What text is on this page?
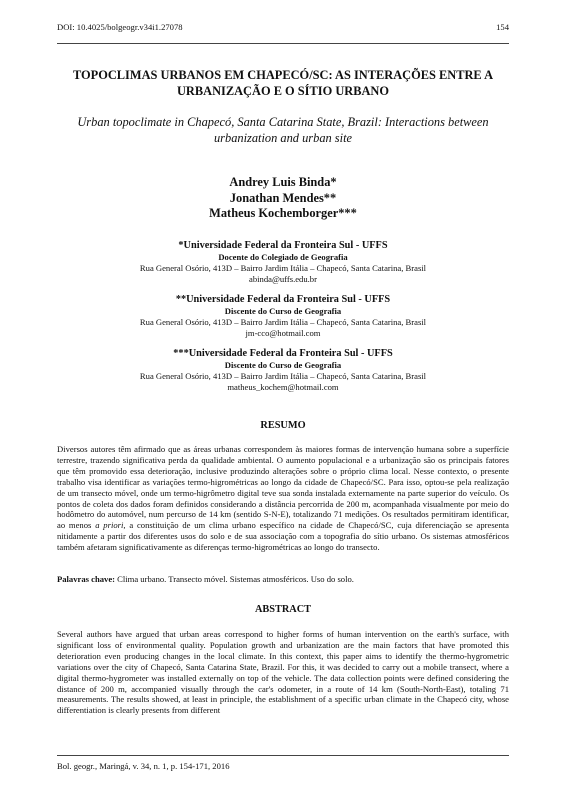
DOI: 10.4025/bolgeogr.v34i1.27078	154
TOPOCLIMAS URBANOS EM CHAPECÓ/SC: AS INTERAÇÕES ENTRE A
URBANIZAÇÃO E O SÍTIO URBANO
Urban topoclimate in Chapecó, Santa Catarina State, Brazil: Interactions between
urbanization and urban site
Andrey Luis Binda*
Jonathan Mendes**
Matheus Kochemborger***
*Universidade Federal da Fronteira Sul - UFFS
Docente do Colegiado de Geografia
Rua General Osório, 413D – Bairro Jardim Itália – Chapecó, Santa Catarina, Brasil
abinda@uffs.edu.br
**Universidade Federal da Fronteira Sul - UFFS
Discente do Curso de Geografia
Rua General Osório, 413D – Bairro Jardim Itália – Chapecó, Santa Catarina, Brasil
jm-cco@hotmail.com
***Universidade Federal da Fronteira Sul - UFFS
Discente do Curso de Geografia
Rua General Osório, 413D – Bairro Jardim Itália – Chapecó, Santa Catarina, Brasil
matheus_kochem@hotmail.com
RESUMO
Diversos autores têm afirmado que as áreas urbanas correspondem às maiores formas de intervenção humana sobre a superfície terrestre, trazendo significativa perda da qualidade ambiental. O aumento populacional e a urbanização são os principais fatores que têm promovido essa deterioração, inclusive produzindo alterações sobre o próprio clima local. Nesse contexto, o presente trabalho visa identificar as variações termo-higrométricas ao longo da cidade de Chapecó/SC. Para isso, optou-se pela realização de um transecto móvel, onde um termo-higrômetro digital teve sua sonda instalada externamente na parte superior do veículo. Os pontos de coleta dos dados foram definidos considerando a distância percorrida de 200 m, acompanhada visualmente por meio do hodômetro do automóvel, num percurso de 14 km (sentido S-N-E), totalizando 71 medições. Os resultados permitiram identificar, ao menos a priori, a constituição de um clima urbano específico na cidade de Chapecó/SC, cuja diferenciação se apresenta nitidamente a partir dos diferentes usos do solo e de sua associação com a topografia do sítio urbano. Os sistemas atmosféricos também afetaram significativamente as diferenças termo-higrométricas ao longo do transecto.
Palavras chave: Clima urbano. Transecto móvel. Sistemas atmosféricos. Uso do solo.
ABSTRACT
Several authors have argued that urban areas correspond to higher forms of human intervention on the earth's surface, with significant loss of environmental quality. Population growth and urbanization are the main factors that have promoted this deterioration even producing changes in the local climate. In this context, this paper aims to identify the thermo-hygrometric variations over the city of Chapecó, Santa Catarina State, Brazil. For this, it was decided to carry out a mobile transect, where a digital thermo-hygrometer was installed externally on top of the vehicle. The data collection points were defined considering the distance of 200 m, accompanied visually through the car's odometer, in a route of 14 km (South-North-East), totaling 71 measurements. The results showed, at least in principle, the establishment of a specific urban climate in the Chapecó city, whose differentiation is clearly presents from different
Bol. geogr., Maringá, v. 34, n. 1, p. 154-171, 2016
